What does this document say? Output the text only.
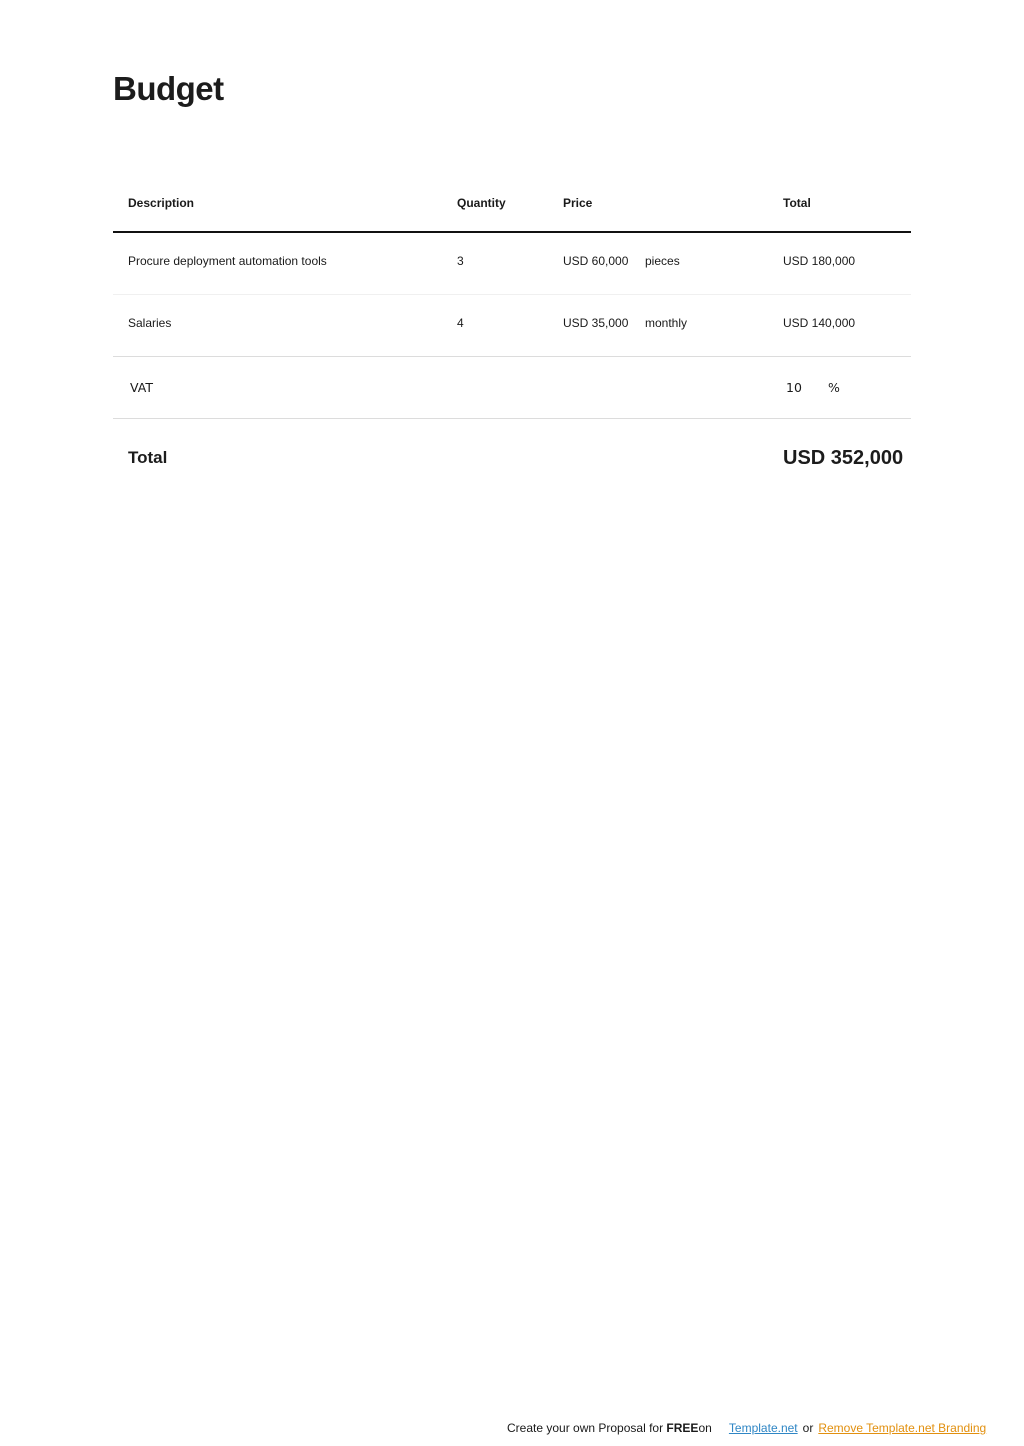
Budget
Description	Quantity	Price	Total
Procure deployment automation tools	3	USD 60,000 pieces	USD 180,000
Salaries	4	USD 35,000 monthly	USD 140,000
VAT	10 %
Total	USD 352,000
Create your own Proposal for FREEon Template.net or Remove Template.net Branding
